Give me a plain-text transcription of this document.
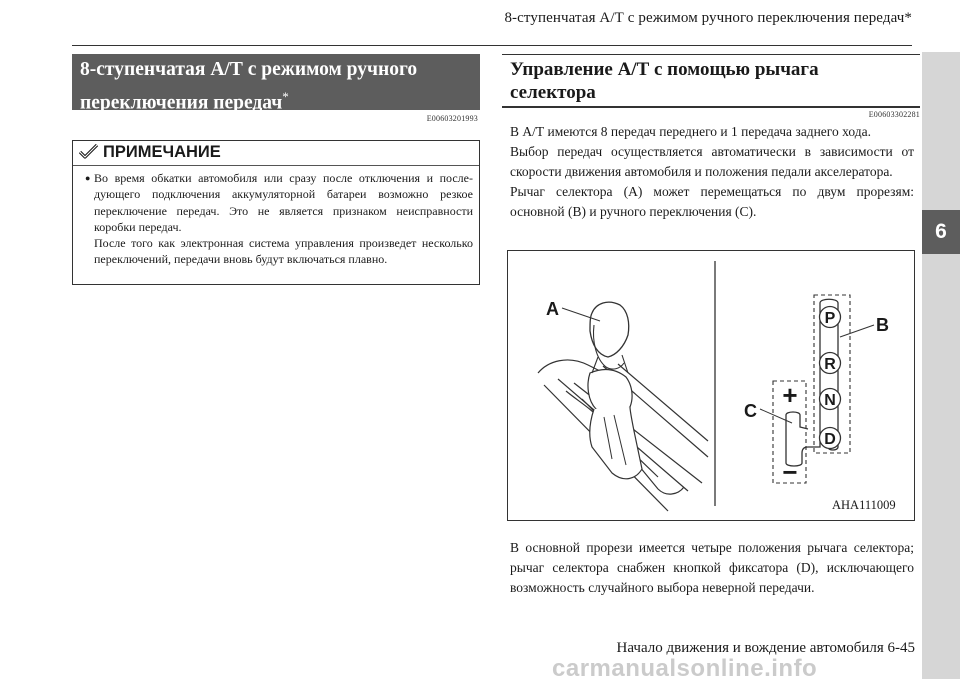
8-ступенчатая А/Т с режимом ручного переключения передач*
6
8-ступенчатая А/Т с режимом ручного
переключения передач*
E00603201993
ПРИМЕЧАНИЕ
● Во время обкатки автомобиля или сразу после отключения и последующего подключения аккумуляторной батареи возможно резкое переключение передач. Это не является признаком неисправности коробки передач.

После того как электронная система управления произведет несколько переключений, передачи вновь будут включаться плавно.

Управление А/Т с помощью рычага
селектора
E00603302281

В А/Т имеются 8 передач переднего и 1 передача заднего хода.

Выбор передач осуществляется автоматически в зависимости от скорости движения автомобиля и положения педали акселератора.

Рычаг селектора (A) может перемещаться по двум прорезям: основной (B) и ручного переключения (C).

A	P
R
N
D
B
C
+
−
AHA111009

В основной прорези имеется четыре положения рычага селектора; рычаг селектора снабжен кнопкой фиксатора (D), исключающего возможность случайного выбора неверной передачи.

Начало движения и вождение автомобиля 6-45
carmanualsonline.info
